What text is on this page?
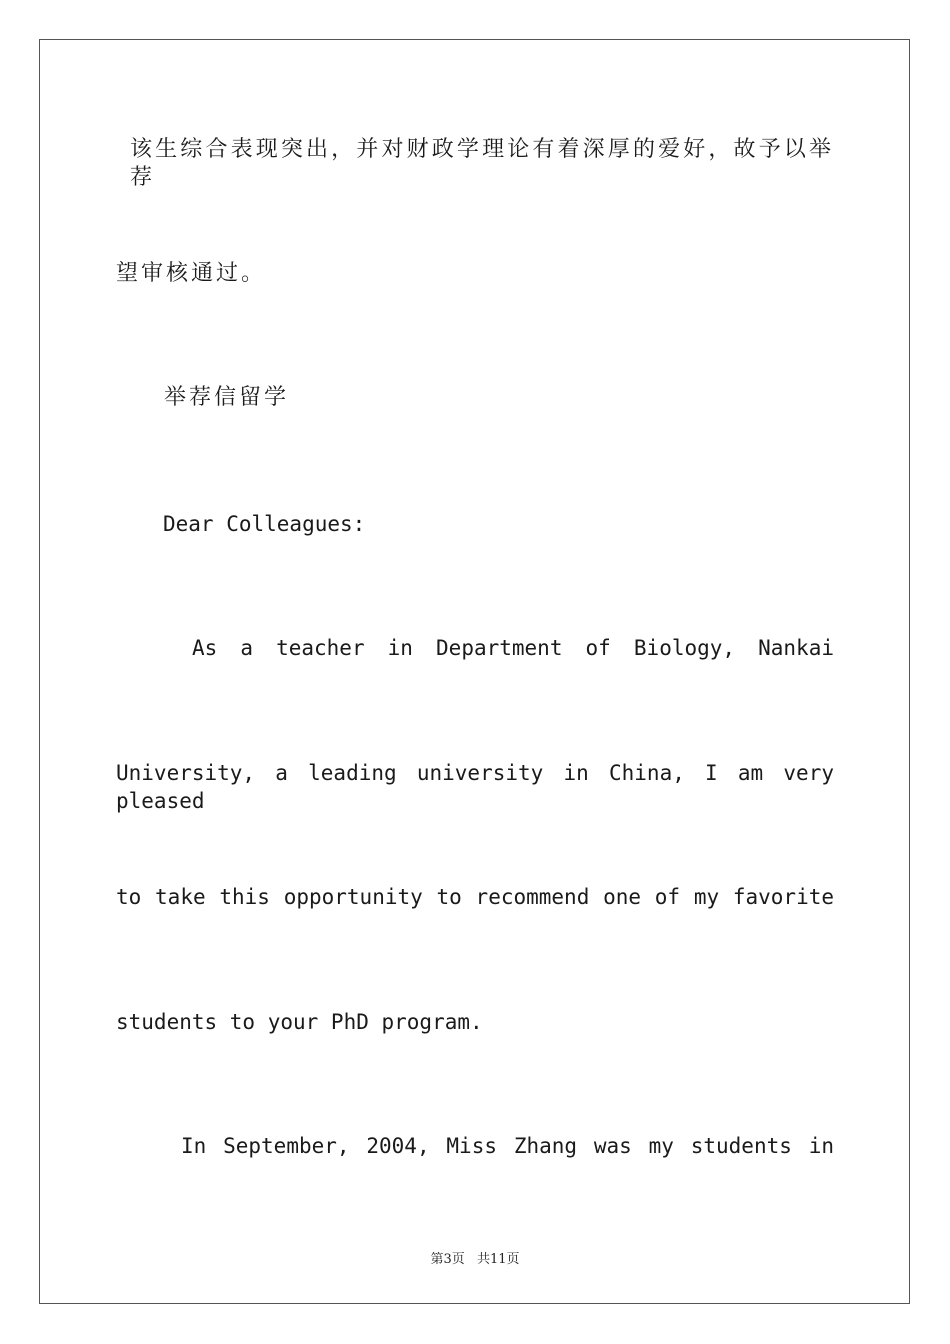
该生综合表现突出，并对财政学理论有着深厚的爱好，故予以举荐
望审核通过。
举荐信留学
Dear Colleagues:
As a teacher in Department of Biology, Nankai
University, a leading university in China, I am very pleased
to take this opportunity to recommend one of my favorite
students to your PhD program.
In September, 2004, Miss Zhang was my students in
第3页 共11页
